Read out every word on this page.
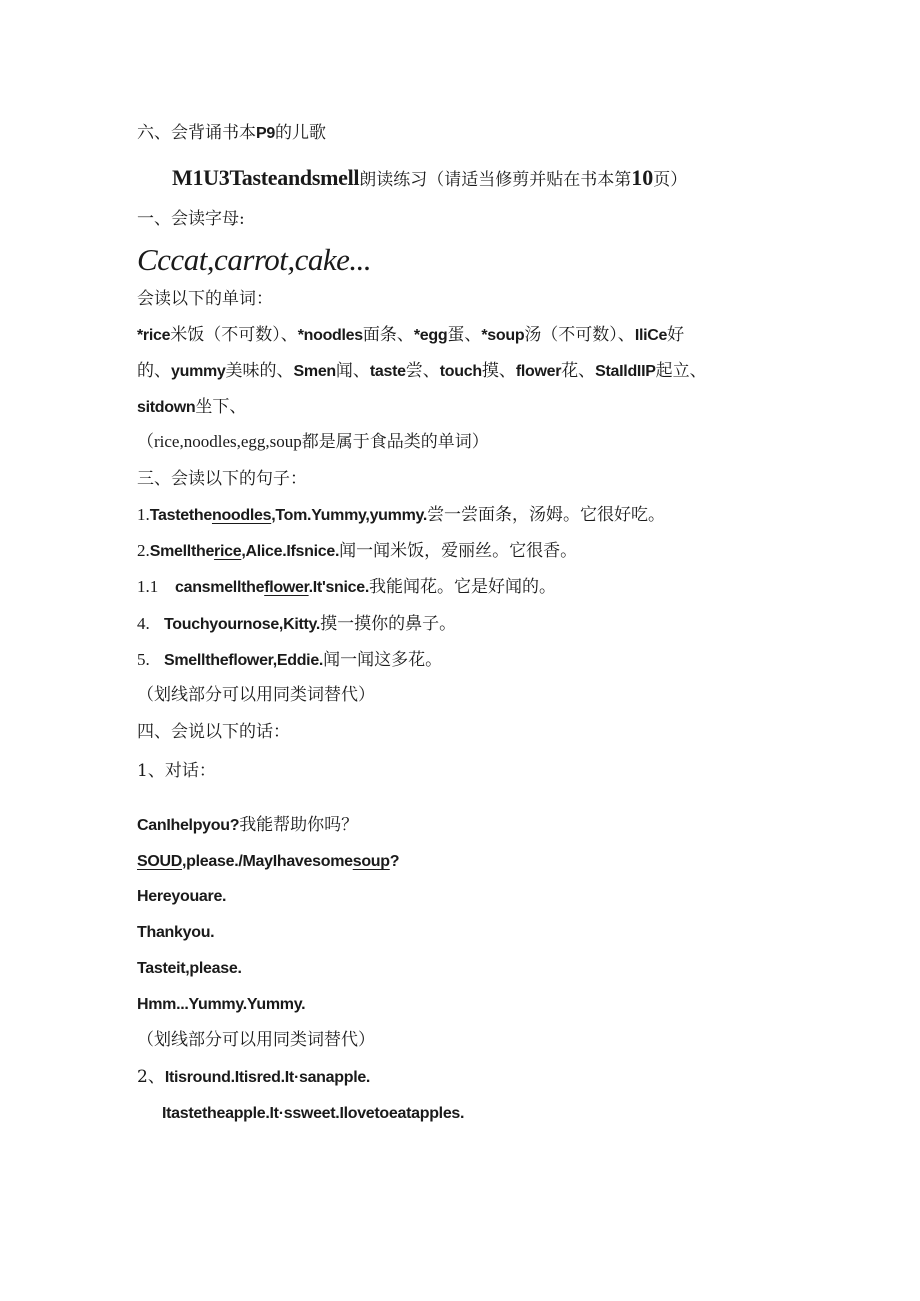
六、会背诵书本P9的儿歌
M1U3Tasteandsmell朗读练习（请适当修剪并贴在书本第10页）
一、会读字母:
Cccat,carrot,cake...
会读以下的单词：
*rice米饭（不可数）、*noodles面条、*egg蛋、*soup汤（不可数）、IliCe好
的、yummy美味的、Smen闻、taste尝、touch摸、flower花、StaIldIIP起立、
sitdown坐下、
（rice,noodles,egg,soup都是属于食品类的单词）
三、会读以下的句子：
1.Tastethenoodles,Tom.Yummy,yummy.尝一尝面条，汤姆。它很好吃。
2.Smelltherice,Alice.Ifsnice.闻一闻米饭，爱丽丝。它很香。
1.1 cansmelltheflower.It'snice.我能闻花。它是好闻的。
4. Touchyournose,Kitty.摸一摸你的鼻子。
5. Smelltheflower,Eddie.闻一闻这多花。
（划线部分可以用同类词替代）
四、会说以下的话：
1、对话：
CanIhelpyou?我能帮助你吗？
SOUD,please./MayIhavesomesoup?
Hereyouare.
Thankyou.
Tasteit,please.
Hmm...Yummy.Yummy.
（划线部分可以用同类词替代）
2、Itisround.Itisred.It·sanapple.
Itastetheapple.It·ssweet.Ilovetoeatapples.
